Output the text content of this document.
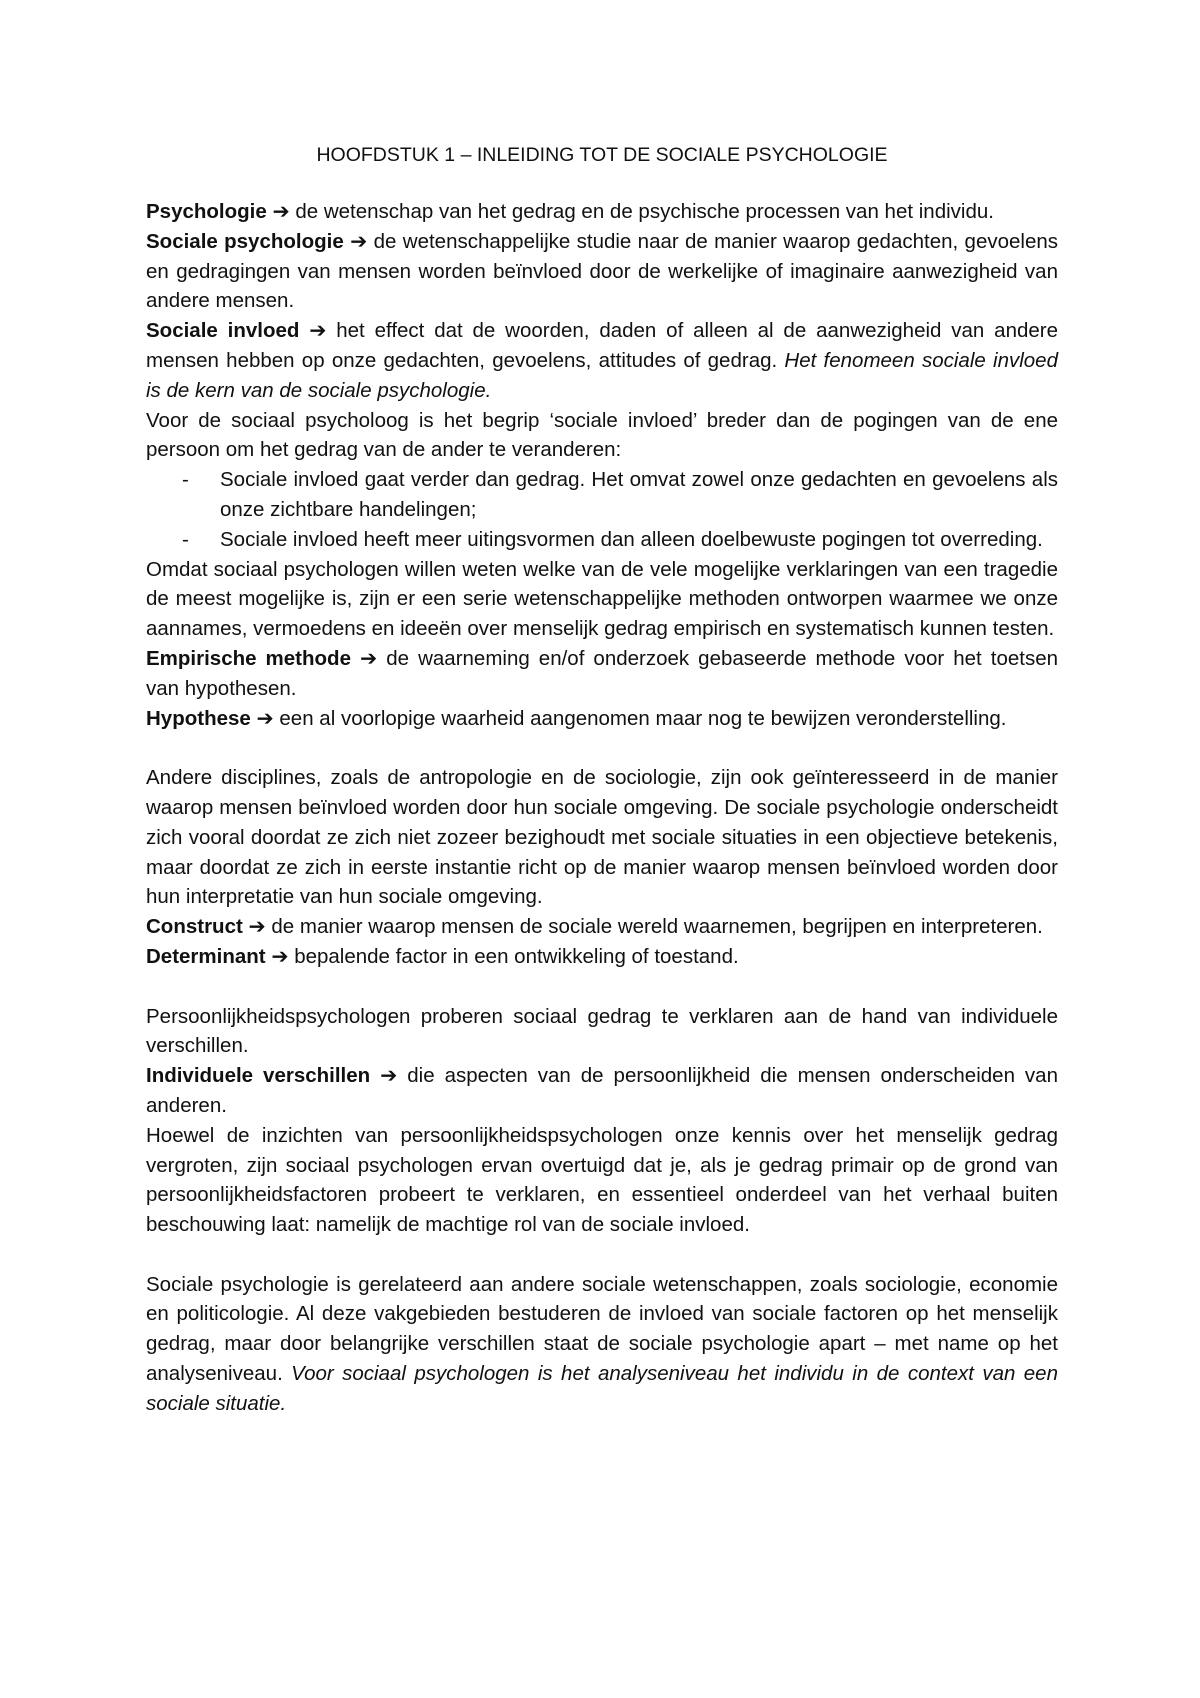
HOOFDSTUK 1 – INLEIDING TOT DE SOCIALE PSYCHOLOGIE

Psychologie ➔ de wetenschap van het gedrag en de psychische processen van het individu.

Sociale psychologie ➔ de wetenschappelijke studie naar de manier waarop gedachten, gevoelens en gedragingen van mensen worden beïnvloed door de werkelijke of imaginaire aanwezigheid van andere mensen.

Sociale invloed ➔ het effect dat de woorden, daden of alleen al de aanwezigheid van andere mensen hebben op onze gedachten, gevoelens, attitudes of gedrag. Het fenomeen sociale invloed is de kern van de sociale psychologie.

Voor de sociaal psycholoog is het begrip ‘sociale invloed’ breder dan de pogingen van de ene persoon om het gedrag van de ander te veranderen:

- Sociale invloed gaat verder dan gedrag. Het omvat zowel onze gedachten en gevoelens als onze zichtbare handelingen;
- Sociale invloed heeft meer uitingsvormen dan alleen doelbewuste pogingen tot overreding.

Omdat sociaal psychologen willen weten welke van de vele mogelijke verklaringen van een tragedie de meest mogelijke is, zijn er een serie wetenschappelijke methoden ontworpen waarmee we onze aannames, vermoedens en ideeën over menselijk gedrag empirisch en systematisch kunnen testen.

Empirische methode ➔ de waarneming en/of onderzoek gebaseerde methode voor het toetsen van hypothesen.

Hypothese ➔ een al voorlopige waarheid aangenomen maar nog te bewijzen veronderstelling.

Andere disciplines, zoals de antropologie en de sociologie, zijn ook geïnteresseerd in de manier waarop mensen beïnvloed worden door hun sociale omgeving. De sociale psychologie onderscheidt zich vooral doordat ze zich niet zozeer bezighoudt met sociale situaties in een objectieve betekenis, maar doordat ze zich in eerste instantie richt op de manier waarop mensen beïnvloed worden door hun interpretatie van hun sociale omgeving.

Construct ➔ de manier waarop mensen de sociale wereld waarnemen, begrijpen en interpreteren.

Determinant ➔ bepalende factor in een ontwikkeling of toestand.

Persoonlijkheidspsychologen proberen sociaal gedrag te verklaren aan de hand van individuele verschillen.

Individuele verschillen ➔ die aspecten van de persoonlijkheid die mensen onderscheiden van anderen.

Hoewel de inzichten van persoonlijkheidspsychologen onze kennis over het menselijk gedrag vergroten, zijn sociaal psychologen ervan overtuigd dat je, als je gedrag primair op de grond van persoonlijkheidsfactoren probeert te verklaren, en essentieel onderdeel van het verhaal buiten beschouwing laat: namelijk de machtige rol van de sociale invloed.

Sociale psychologie is gerelateerd aan andere sociale wetenschappen, zoals sociologie, economie en politicologie. Al deze vakgebieden bestuderen de invloed van sociale factoren op het menselijk gedrag, maar door belangrijke verschillen staat de sociale psychologie apart – met name op het analyseniveau. Voor sociaal psychologen is het analyseniveau het individu in de context van een sociale situatie.
